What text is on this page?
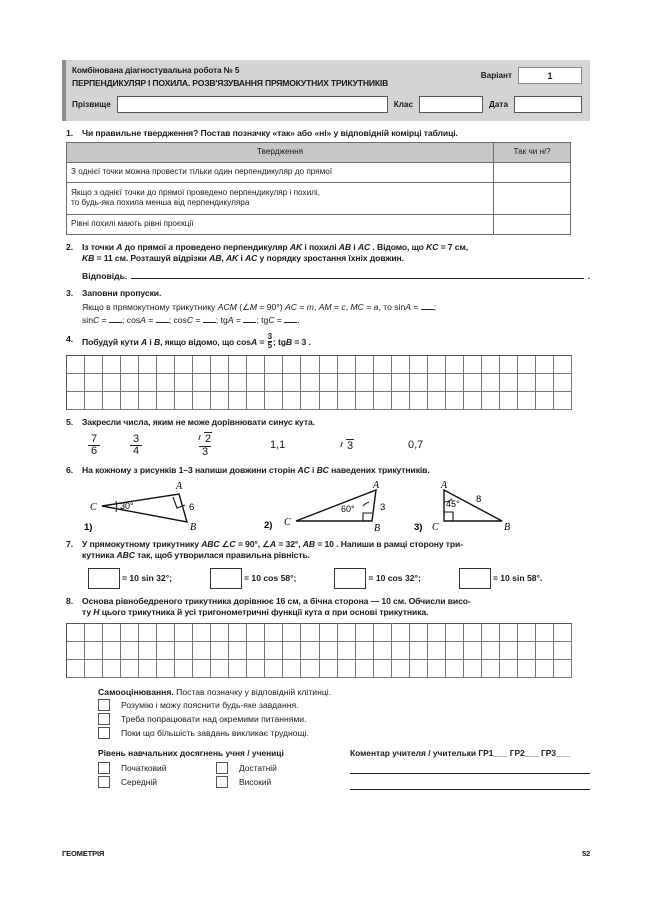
Комбінована діагностувальна робота № 5
ПЕРПЕНДИКУЛЯР І ПОХИЛА. РОЗВ'ЯЗУВАННЯ ПРЯМОКУТНИХ ТРИКУТНИКІВ
Варіант	1
Прізвище	Клас	Дата
1.	Чи правильне твердження? Постав позначку «так» або «ні» у відповідній комірці таблиці.
Твердження	Так чи ні?
З однієї точки можна провести тільки один перпендикуляр до прямої	

Якщо з однієї точки до прямої проведено перпендикуляр і похилі,
то будь-яка похила менша від перпендикуляра	

Рівні похилі мають рівні проєкції	
2.	Із точки A до прямої a проведено перпендикуляр AK і похилі AB і AC . Відомо, що KC = 7 см,
KB = 11 см. Розташуй відрізки AB, AK і AC у порядку зростання їхніх довжин.
Відповідь.	.
3.	Заповни пропуски.
Якщо в прямокутному трикутнику ACM (∠M = 90°) AC = m, AM = c, MC = a, то sinA = ;
sinC = ; cosA = ; cosC = ; tgA = ; tgC = .
4.	Побудуй кути A і B, якщо відомо, що $\cos A = \frac{3}{5}$ ; tgB = 3 .
5.	Закресли числа, яким не може дорівнювати синус кута.
$\frac{7}{6}$	$\frac{3}{4}$	$\frac{2}{3}$	1,1	3	0,7
6.	На кожному з рисунків 1–3 напиши довжини сторін AC і BC наведених трикутників.
A
B
C	30°	6
1)
A
B
C
60°	3
2)
A
B
C
45° 8
3)
7.	У прямокутному трикутнику ABC ∠C = 90°, ∠A = 32°, AB = 10 . Напиши в рамці сторону три-
кутника ABC так, щоб утворилася правильна рівність.
= 10 sin 32°;	= 10 cos 58°;	= 10 cos 32°;	= 10 sin 58°.
8.	Основа рівнобедреного трикутника дорівнює 16 см, а бічна сторона — 10 см. Обчисли висо-
ту H цього трикутника й усі тригонометричні функції кута α при основі трикутника.
Самооцінювання. Постав позначку у відповідній клітинці.
Розумію і можу пояснити будь-яке завдання.
Треба попрацювати над окремими питаннями.
Поки що більшість завдань викликає труднощі.
Рівень навчальних досягнень учня / учениці
Початковий
Середній
Достатній
Високий
Коментар учителя / учительки ГР1___ ГР2___ ГР3___
ГЕОМЕТРІЯ	52
